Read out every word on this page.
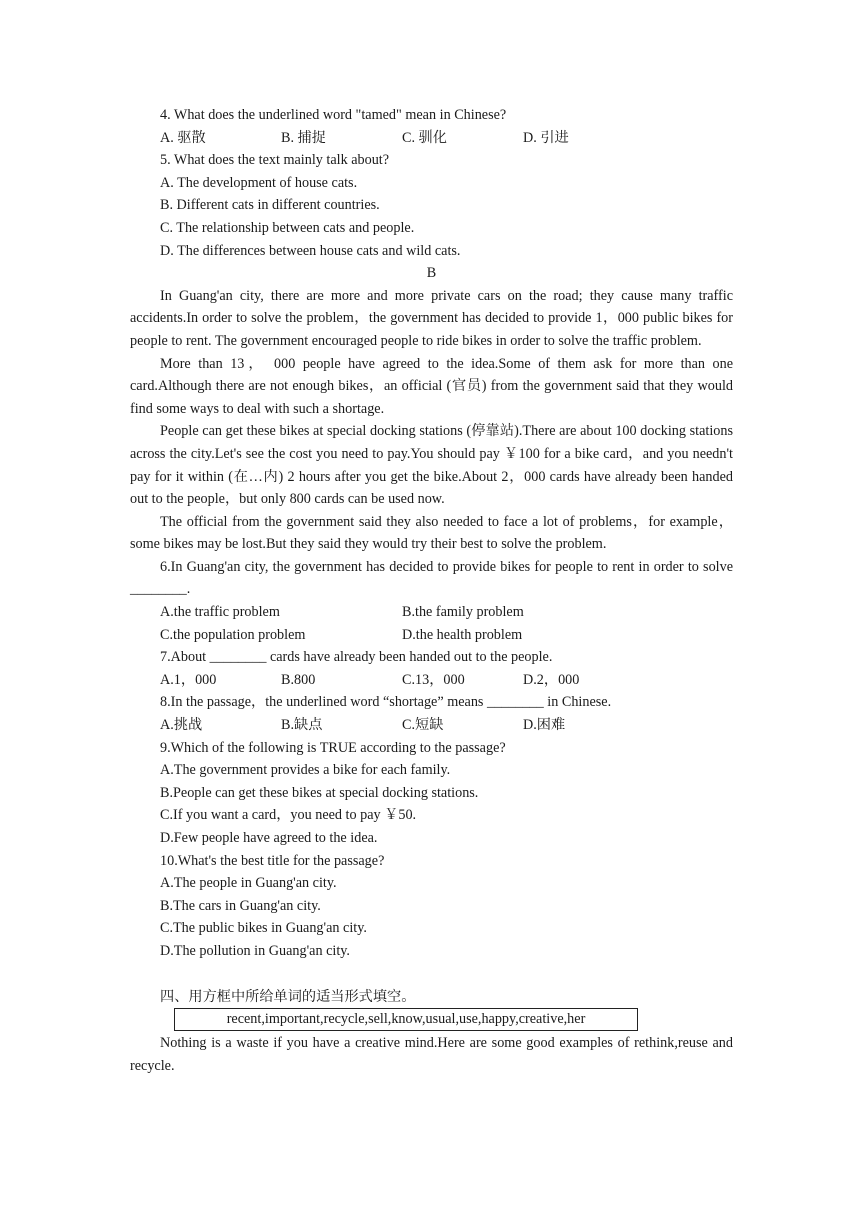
4. What does the underlined word "tamed" mean in Chinese?
A. 驱散	B. 捕捉	C. 驯化	D. 引进
5. What does the text mainly talk about?
A. The development of house cats.
B. Different cats in different countries.
C. The relationship between cats and people.
D. The differences between house cats and wild cats.
B

In Guang'an city, there are more and more private cars on the road; they cause many traffic accidents.In order to solve the problem，the government has decided to provide 1，000 public bikes for people to rent. The government encouraged people to ride bikes in order to solve the traffic problem.

More than 13， 000 people have agreed to the idea.Some of them ask for more than one card.Although there are not enough bikes，an official (官员) from the government said that they would find some ways to deal with such a shortage.

People can get these bikes at special docking stations (停靠站).There are about 100 docking stations across the city.Let's see the cost you need to pay.You should pay ￥100 for a bike card，and you needn't pay for it within (在…内) 2 hours after you get the bike.About 2，000 cards have already been handed out to the people，but only 800 cards can be used now.

The official from the government said they also needed to face a lot of problems，for example，some bikes may be lost.But they said they would try their best to solve the problem.

6.In Guang'an city, the government has decided to provide bikes for people to rent in order to solve ________.

A.the traffic problem	B.the family problem
C.the population problem	D.the health problem
7.About ________ cards have already been handed out to the people.
A.1，000	B.800	C.13，000	D.2，000
8.In the passage，the underlined word “shortage” means ________ in Chinese.
A.挑战	B.缺点	C.短缺	D.困难
9.Which of the following is TRUE according to the passage?
A.The government provides a bike for each family.
B.People can get these bikes at special docking stations.
C.If you want a card，you need to pay ￥50.
D.Few people have agreed to the idea.
10.What's the best title for the passage?
A.The people in Guang'an city.
B.The cars in Guang'an city.
C.The public bikes in Guang'an city.
D.The pollution in Guang'an city.
四、用方框中所给单词的适当形式填空。
recent,important,recycle,sell,know,usual,use,happy,creative,her

Nothing is a waste if you have a creative mind.Here are some good examples of rethink,reuse and recycle.
